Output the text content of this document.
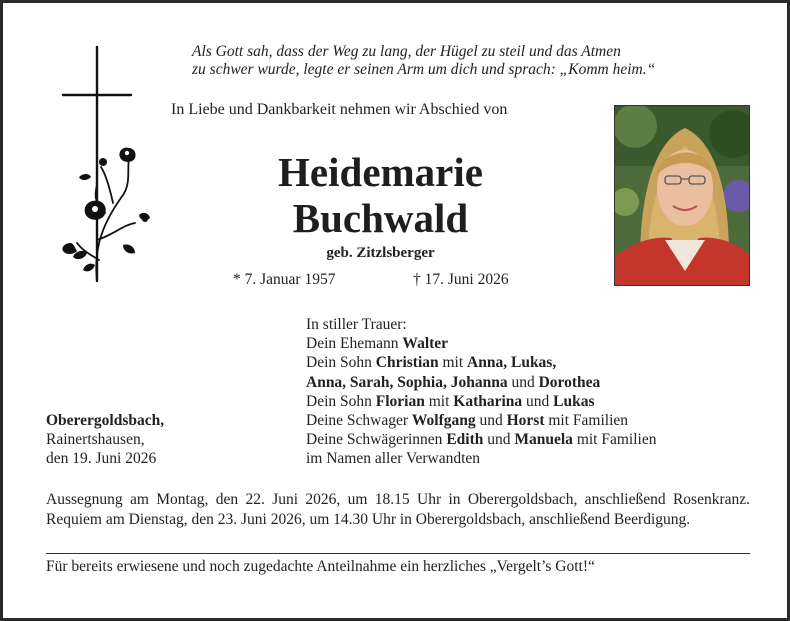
Als Gott sah, dass der Weg zu lang, der Hügel zu steil und das Atmen
zu schwer wurde, legte er seinen Arm um dich und sprach: „Komm heim.“
In Liebe und Dankbarkeit nehmen wir Abschied von
Heidemarie
Buchwald
geb. Zitzlsberger
* 7. Januar 1957	† 17. Juni 2026
In stiller Trauer:
Dein Ehemann Walter
Dein Sohn Christian mit Anna, Lukas,
Anna, Sarah, Sophia, Johanna und Dorothea
Dein Sohn Florian mit Katharina und Lukas
Deine Schwager Wolfgang und Horst mit Familien
Deine Schwägerinnen Edith und Manuela mit Familien
im Namen aller Verwandten
Oberergoldsbach,
Rainertshausen,
den 19. Juni 2026
Aussegnung am Montag, den 22. Juni 2026, um 18.15 Uhr in Oberergoldsbach, anschließend Rosenkranz. Requiem am Dienstag, den 23. Juni 2026, um 14.30 Uhr in Oberergoldsbach, anschließend Beerdigung.
Für bereits erwiesene und noch zugedachte Anteilnahme ein herzliches „Vergelt’s Gott!“
